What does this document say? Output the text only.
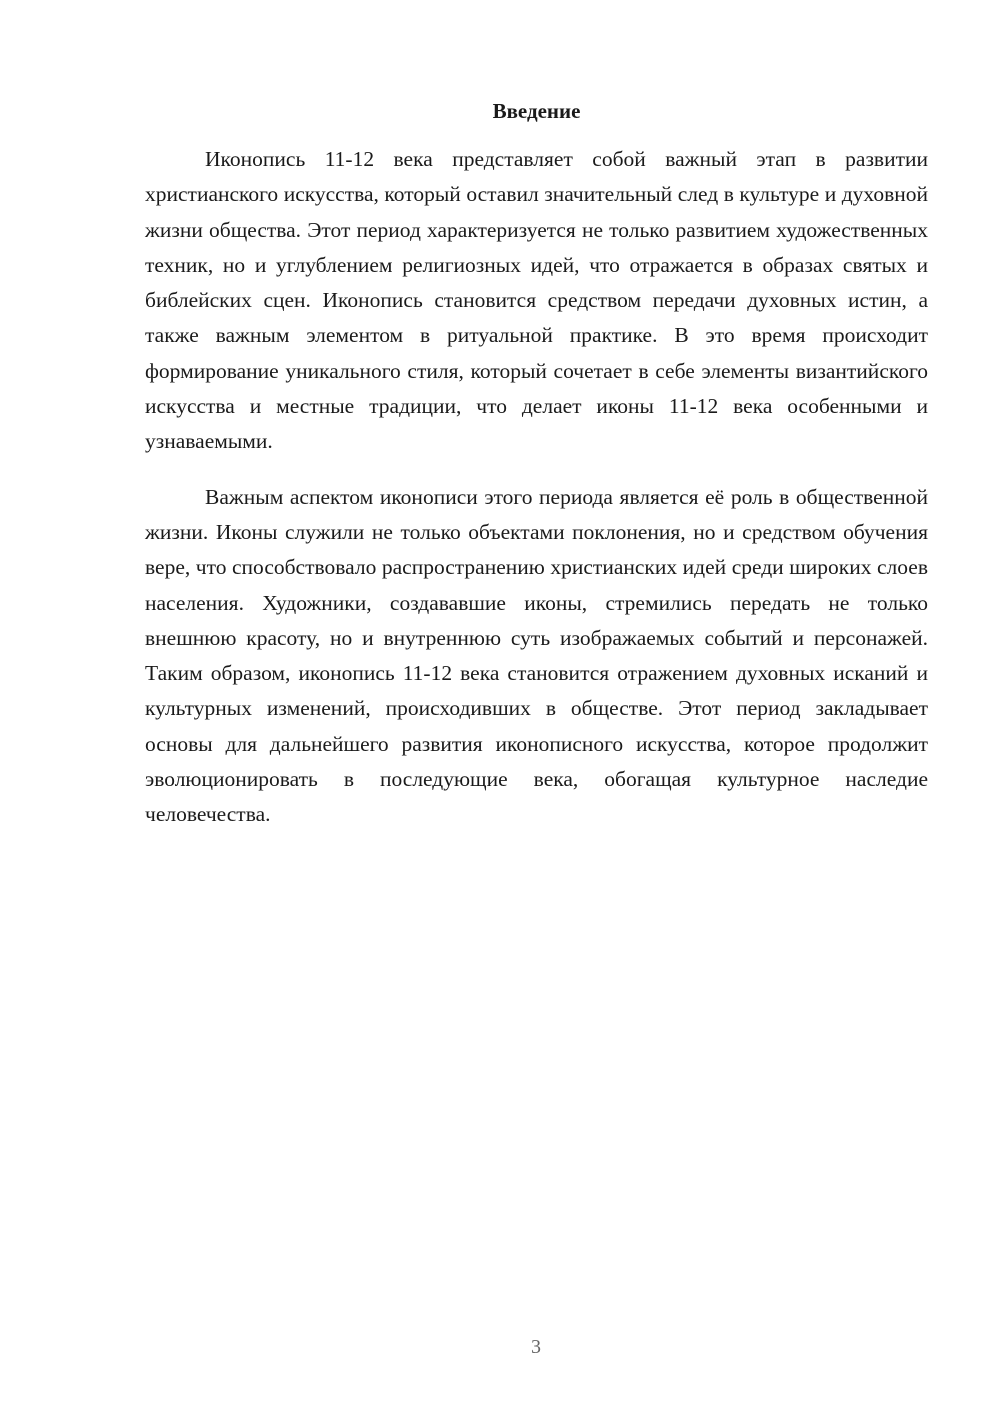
Введение

Иконопись 11-12 века представляет собой важный этап в развитии христианского искусства, который оставил значительный след в культуре и духовной жизни общества. Этот период характеризуется не только развитием художественных техник, но и углублением религиозных идей, что отражается в образах святых и библейских сцен. Иконопись становится средством передачи духовных истин, а также важным элементом в ритуальной практике. В это время происходит формирование уникального стиля, который сочетает в себе элементы византийского искусства и местные традиции, что делает иконы 11-12 века особенными и узнаваемыми.

Важным аспектом иконописи этого периода является её роль в общественной жизни. Иконы служили не только объектами поклонения, но и средством обучения вере, что способствовало распространению христианских идей среди широких слоев населения. Художники, создававшие иконы, стремились передать не только внешнюю красоту, но и внутреннюю суть изображаемых событий и персонажей. Таким образом, иконопись 11-12 века становится отражением духовных исканий и культурных изменений, происходивших в обществе. Этот период закладывает основы для дальнейшего развития иконописного искусства, которое продолжит эволюционировать в последующие века, обогащая культурное наследие человечества.

3
